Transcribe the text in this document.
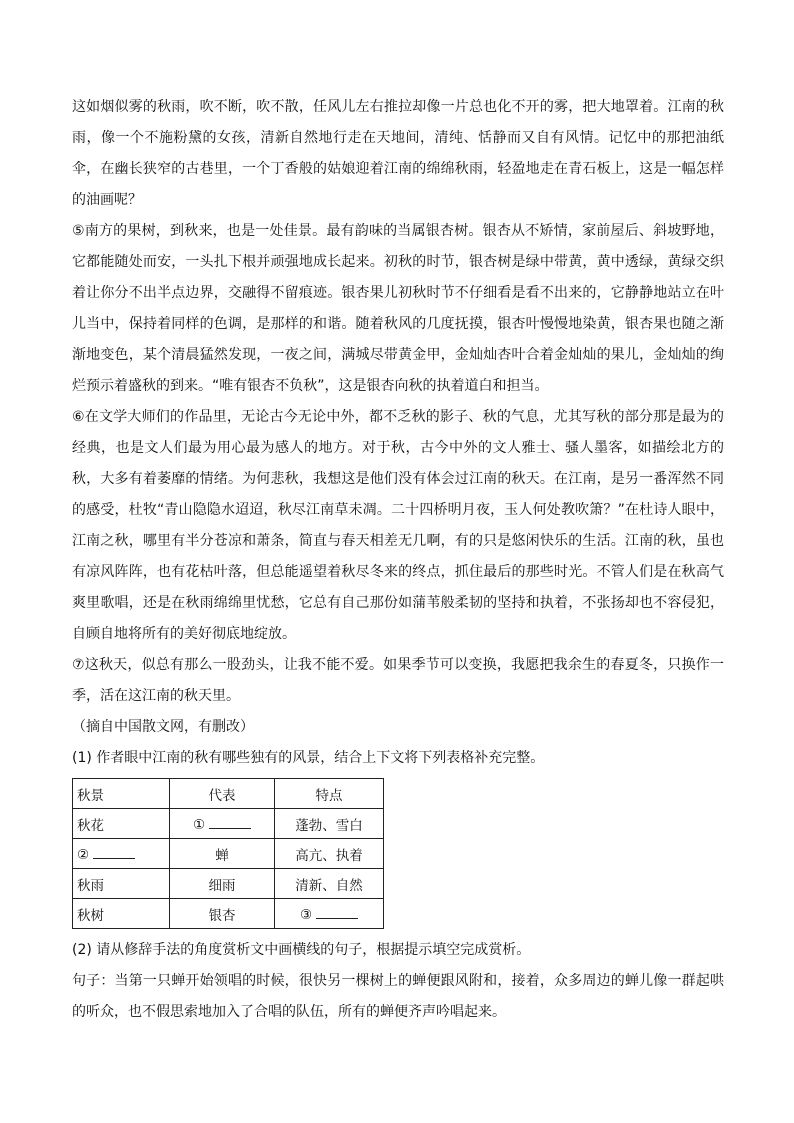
这如烟似雾的秋雨，吹不断，吹不散，任风儿左右推拉却像一片总也化不开的雾，把大地罩着。江南的秋雨，像一个不施粉黛的女孩，清新自然地行走在天地间，清纯、恬静而又自有风情。记忆中的那把油纸伞，在幽长狭窄的古巷里，一个丁香般的姑娘迎着江南的绵绵秋雨，轻盈地走在青石板上，这是一幅怎样的油画呢？

⑤南方的果树，到秋来，也是一处佳景。最有韵味的当属银杏树。银杏从不矫情，家前屋后、斜坡野地，它都能随处而安，一头扎下根并顽强地成长起来。初秋的时节，银杏树是绿中带黄，黄中透绿，黄绿交织着让你分不出半点边界，交融得不留痕迹。银杏果儿初秋时节不仔细看是看不出来的，它静静地站立在叶儿当中，保持着同样的色调，是那样的和谐。随着秋风的几度抚摸，银杏叶慢慢地染黄，银杏果也随之渐渐地变色，某个清晨猛然发现，一夜之间，满城尽带黄金甲，金灿灿杏叶合着金灿灿的果儿，金灿灿的绚烂预示着盛秋的到来。“唯有银杏不负秋”，这是银杏向秋的执着道白和担当。

⑥在文学大师们的作品里，无论古今无论中外，都不乏秋的影子、秋的气息，尤其写秋的部分那是最为的经典，也是文人们最为用心最为感人的地方。对于秋，古今中外的文人雅士、骚人墨客，如描绘北方的秋，大多有着萎靡的情绪。为何悲秋，我想这是他们没有体会过江南的秋天。在江南，是另一番浑然不同的感受，杜牧“青山隐隐水迢迢，秋尽江南草未凋。二十四桥明月夜，玉人何处教吹箫？”在杜诗人眼中，江南之秋，哪里有半分苍凉和萧条，简直与春天相差无几啊，有的只是悠闲快乐的生活。江南的秋，虽也有凉风阵阵，也有花枯叶落，但总能遥望着秋尽冬来的终点，抓住最后的那些时光。不管人们是在秋高气爽里歌唱，还是在秋雨绵绵里忧愁，它总有自己那份如蒲苇般柔韧的坚持和执着，不张扬却也不容侵犯，自顾自地将所有的美好彻底地绽放。

⑦这秋天，似总有那么一股劲头，让我不能不爱。如果季节可以变换，我愿把我余生的春夏冬，只换作一季，活在这江南的秋天里。

（摘自中国散文网，有删改）

(1) 作者眼中江南的秋有哪些独有的风景，结合上下文将下列表格补充完整。

秋景	代表	特点
秋花	①	蓬勃、雪白
②	蝉	高亢、执着
秋雨	细雨	清新、自然
秋树	银杏	③

(2) 请从修辞手法的角度赏析文中画横线的句子，根据提示填空完成赏析。

句子：当第一只蝉开始领唱的时候，很快另一棵树上的蝉便跟风附和，接着，众多周边的蝉儿像一群起哄的听众，也不假思索地加入了合唱的队伍，所有的蝉便齐声吟唱起来。
